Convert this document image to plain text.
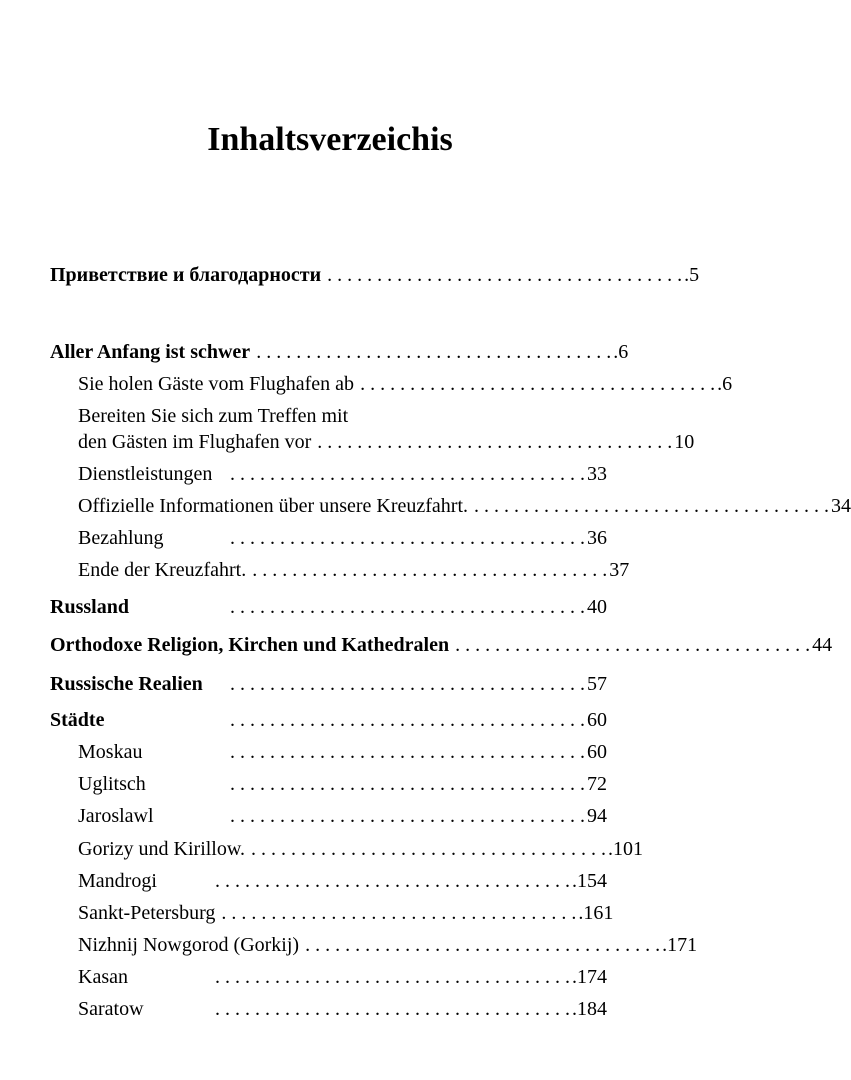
Inhaltsverzeichis
Приветствие и благодарности . . . . . . . . . . . . . . . . . . . . . . . . . . . . . . . . . . . . .5
Aller Anfang ist schwer . . . . . . . . . . . . . . . . . . . . . . . . . . . . . . . . . . . . .6
Sie holen Gäste vom Flughafen ab . . . . . . . . . . . . . . . . . . . . . . . . . . . . . . . . . . . . .6
Bereiten Sie sich zum Treffen mit
den Gästen im Flughafen vor . . . . . . . . . . . . . . . . . . . . . . . . . . . . . . . . . . . . 10
Dienstleistungen . . . . . . . . . . . . . . . . . . . . . . . . . . . . . . . . . . . . 33
Offizielle Informationen über unsere Kreuzfahrt. . . . . . . . . . . . . . . . . . . . . . . . . . . . . . . . . . . . . 34
Bezahlung	. . . . . . . . . . . . . . . . . . . . . . . . . . . . . . . . . . . . 36
Ende der Kreuzfahrt. . . . . . . . . . . . . . . . . . . . . . . . . . . . . . . . . . . . . 37
Russland	. . . . . . . . . . . . . . . . . . . . . . . . . . . . . . . . . . . . 40
Orthodoxe Religion, Kirchen und Kathedralen . . . . . . . . . . . . . . . . . . . . . . . . . . . . . . . . . . . . 44
Russische Realien	. . . . . . . . . . . . . . . . . . . . . . . . . . . . . . . . . . . . 57
Städte	. . . . . . . . . . . . . . . . . . . . . . . . . . . . . . . . . . . . 60
Moskau	. . . . . . . . . . . . . . . . . . . . . . . . . . . . . . . . . . . . 60
Uglitsch	. . . . . . . . . . . . . . . . . . . . . . . . . . . . . . . . . . . . 72
Jaroslawl	. . . . . . . . . . . . . . . . . . . . . . . . . . . . . . . . . . . . 94
Gorizy und Kirillow. . . . . . . . . . . . . . . . . . . . . . . . . . . . . . . . . . . . . .101
Mandrogi	. . . . . . . . . . . . . . . . . . . . . . . . . . . . . . . . . . . . .154
Sankt-Petersburg . . . . . . . . . . . . . . . . . . . . . . . . . . . . . . . . . . . . .161
Nizhnij Nowgorod (Gorkij) . . . . . . . . . . . . . . . . . . . . . . . . . . . . . . . . . . . . .171
Kasan	. . . . . . . . . . . . . . . . . . . . . . . . . . . . . . . . . . . . .174
Saratow	. . . . . . . . . . . . . . . . . . . . . . . . . . . . . . . . . . . . .184
